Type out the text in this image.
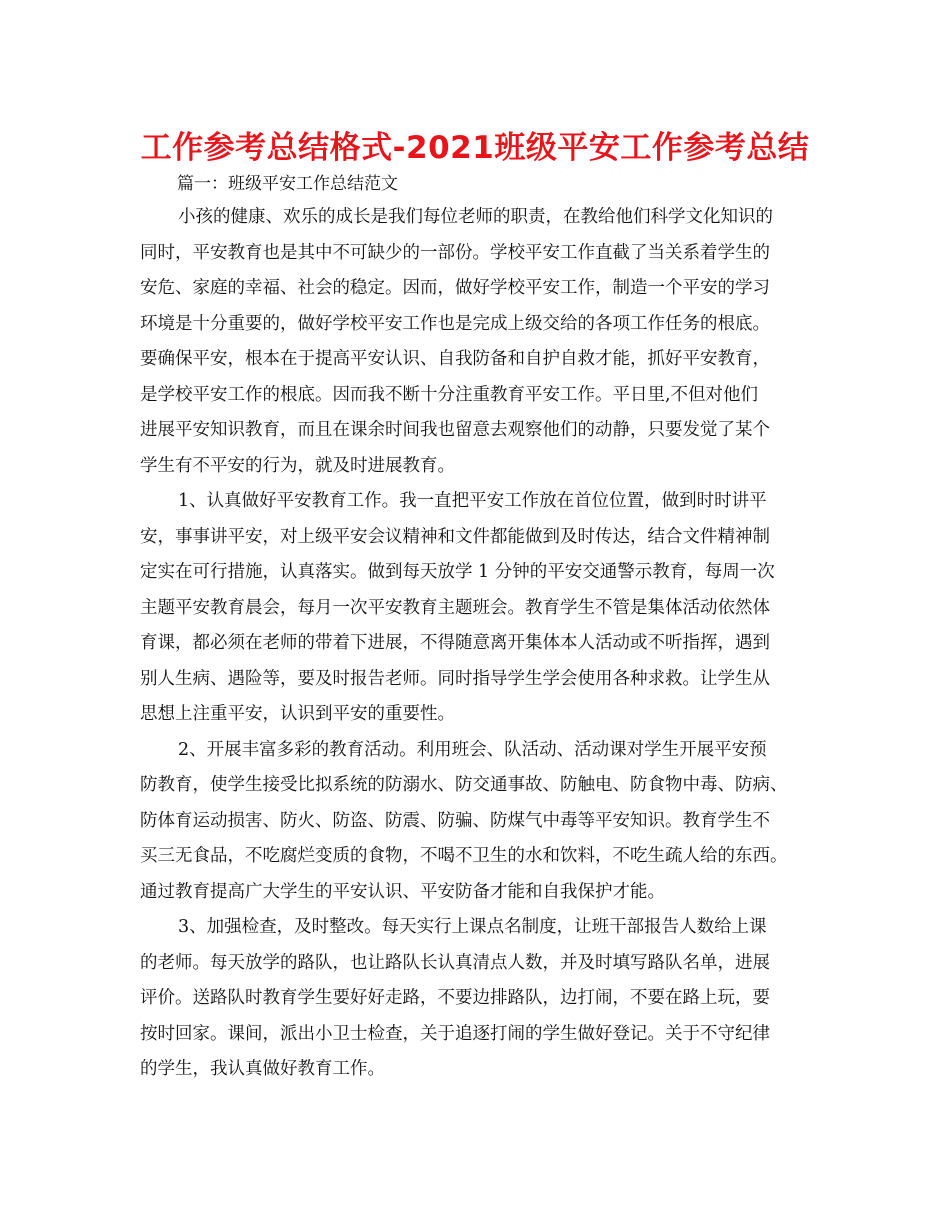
工作参考总结格式-2021班级平安工作参考总结
篇一：班级平安工作总结范文
小孩的健康、欢乐的成长是我们每位老师的职责，在教给他们科学文化知识的
同时，平安教育也是其中不可缺少的一部份。学校平安工作直截了当关系着学生的
安危、家庭的幸福、社会的稳定。因而，做好学校平安工作，制造一个平安的学习
环境是十分重要的，做好学校平安工作也是完成上级交给的各项工作任务的根底。
要确保平安，根本在于提高平安认识、自我防备和自护自救才能，抓好平安教育，
是学校平安工作的根底。因而我不断十分注重教育平安工作。平日里,不但对他们
进展平安知识教育，而且在课余时间我也留意去观察他们的动静，只要发觉了某个
学生有不平安的行为，就及时进展教育。
1、认真做好平安教育工作。我一直把平安工作放在首位位置，做到时时讲平
安，事事讲平安，对上级平安会议精神和文件都能做到及时传达，结合文件精神制
定实在可行措施，认真落实。做到每天放学 1 分钟的平安交通警示教育，每周一次
主题平安教育晨会，每月一次平安教育主题班会。教育学生不管是集体活动依然体
育课，都必须在老师的带着下进展，不得随意离开集体本人活动或不听指挥，遇到
别人生病、遇险等，要及时报告老师。同时指导学生学会使用各种求救。让学生从
思想上注重平安，认识到平安的重要性。
2、开展丰富多彩的教育活动。利用班会、队活动、活动课对学生开展平安预
防教育，使学生接受比拟系统的防溺水、防交通事故、防触电、防食物中毒、防病、
防体育运动损害、防火、防盗、防震、防骗、防煤气中毒等平安知识。教育学生不
买三无食品，不吃腐烂变质的食物，不喝不卫生的水和饮料，不吃生疏人给的东西。
通过教育提高广大学生的平安认识、平安防备才能和自我保护才能。
3、加强检查，及时整改。每天实行上课点名制度，让班干部报告人数给上课
的老师。每天放学的路队，也让路队长认真清点人数，并及时填写路队名单，进展
评价。送路队时教育学生要好好走路，不要边排路队，边打闹，不要在路上玩，要
按时回家。课间，派出小卫士检查，关于追逐打闹的学生做好登记。关于不守纪律
的学生，我认真做好教育工作。
